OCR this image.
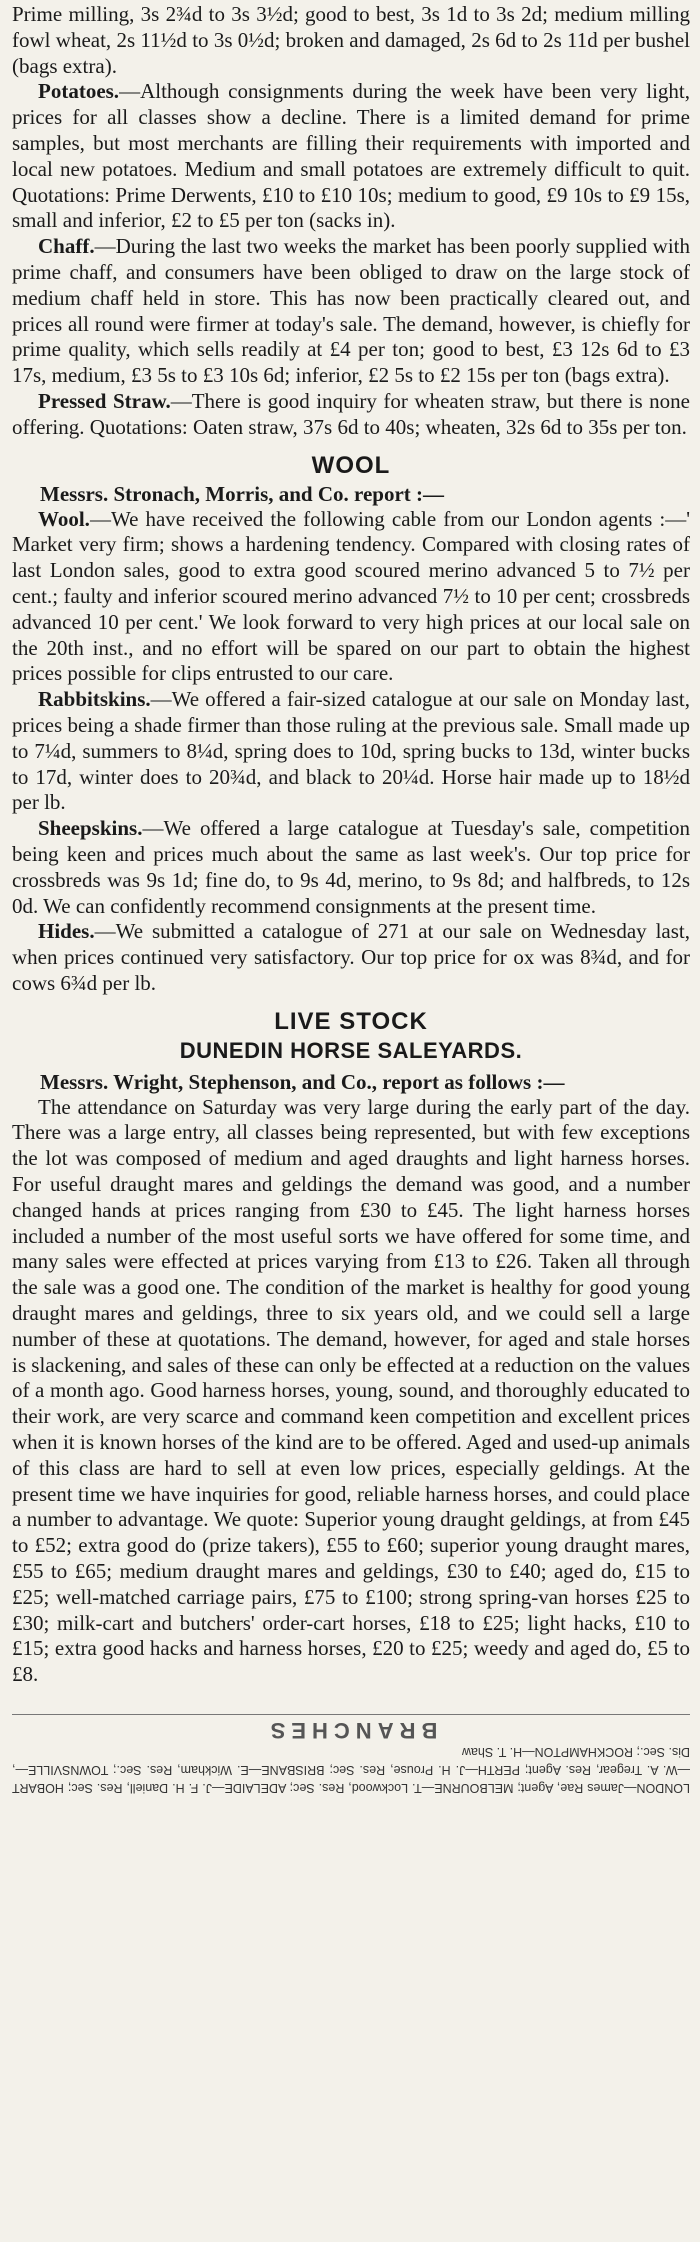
Prime milling, 3s 2¾d to 3s 3½d; good to best, 3s 1d to 3s 2d; medium milling fowl wheat, 2s 11½d to 3s 0½d; broken and damaged, 2s 6d to 2s 11d per bushel (bags extra).

Potatoes.—Although consignments during the week have been very light, prices for all classes show a decline. There is a limited demand for prime samples, but most merchants are filling their requirements with imported and local new potatoes. Medium and small potatoes are extremely difficult to quit. Quotations: Prime Derwents, £10 to £10 10s; medium to good, £9 10s to £9 15s, small and inferior, £2 to £5 per ton (sacks in).

Chaff.—During the last two weeks the market has been poorly supplied with prime chaff, and consumers have been obliged to draw on the large stock of medium chaff held in store. This has now been practically cleared out, and prices all round were firmer at today's sale. The demand, however, is chiefly for prime quality, which sells readily at £4 per ton; good to best, £3 12s 6d to £3 17s, medium, £3 5s to £3 10s 6d; inferior, £2 5s to £2 15s per ton (bags extra).

Pressed Straw.—There is good inquiry for wheaten straw, but there is none offering. Quotations: Oaten straw, 37s 6d to 40s; wheaten, 32s 6d to 35s per ton.

WOOL

Messrs. Stronach, Morris, and Co. report :—

Wool.—We have received the following cable from our London agents :—' Market very firm; shows a hardening tendency. Compared with closing rates of last London sales, good to extra good scoured merino advanced 5 to 7½ per cent.; faulty and inferior scoured merino advanced 7½ to 10 per cent; crossbreds advanced 10 per cent.' We look forward to very high prices at our local sale on the 20th inst., and no effort will be spared on our part to obtain the highest prices possible for clips entrusted to our care.

Rabbitskins.—We offered a fair-sized catalogue at our sale on Monday last, prices being a shade firmer than those ruling at the previous sale. Small made up to 7¼d, summers to 8¼d, spring does to 10d, spring bucks to 13d, winter bucks to 17d, winter does to 20¾d, and black to 20¼d. Horse hair made up to 18½d per lb.

Sheepskins.—We offered a large catalogue at Tuesday's sale, competition being keen and prices much about the same as last week's. Our top price for crossbreds was 9s 1d; fine do, to 9s 4d, merino, to 9s 8d; and halfbreds, to 12s 0d. We can confidently recommend consignments at the present time.

Hides.—We submitted a catalogue of 271 at our sale on Wednesday last, when prices continued very satisfactory. Our top price for ox was 8¾d, and for cows 6¾d per lb.

LIVE STOCK
DUNEDIN HORSE SALEYARDS.

Messrs. Wright, Stephenson, and Co., report as follows :—

The attendance on Saturday was very large during the early part of the day. There was a large entry, all classes being represented, but with few exceptions the lot was composed of medium and aged draughts and light harness horses. For useful draught mares and geldings the demand was good, and a number changed hands at prices ranging from £30 to £45. The light harness horses included a number of the most useful sorts we have offered for some time, and many sales were effected at prices varying from £13 to £26. Taken all through the sale was a good one. The condition of the market is healthy for good young draught mares and geldings, three to six years old, and we could sell a large number of these at quotations. The demand, however, for aged and stale horses is slackening, and sales of these can only be effected at a reduction on the values of a month ago. Good harness horses, young, sound, and thoroughly educated to their work, are very scarce and command keen competition and excellent prices when it is known horses of the kind are to be offered. Aged and used-up animals of this class are hard to sell at even low prices, especially geldings. At the present time we have inquiries for good, reliable harness horses, and could place a number to advantage. We quote: Superior young draught geldings, at from £45 to £52; extra good do (prize takers), £55 to £60; superior young draught mares, £55 to £65; medium draught mares and geldings, £30 to £40; aged do, £15 to £25; well-matched carriage pairs, £75 to £100; strong spring-van horses £25 to £30; milk-cart and butchers' order-cart horses, £18 to £25; light hacks, £10 to £15; extra good hacks and harness horses, £20 to £25; weedy and aged do, £5 to £8.

LONDON—James Rae, Agent; MELBOURNE—T. Lockwood, Res. Sec; ADELAIDE—J. F. H. Daniell, Res. Sec; HOBART—W. A. Tregear, Res. Agent; PERTH—J. H. Prouse, Res. Sec; BRISBANE—E. Wickham, Res. Sec.; TOWNSVILLE—, Dis. Sec.; ROCKHAMPTON—H. T. Shaw
BRANCHES
